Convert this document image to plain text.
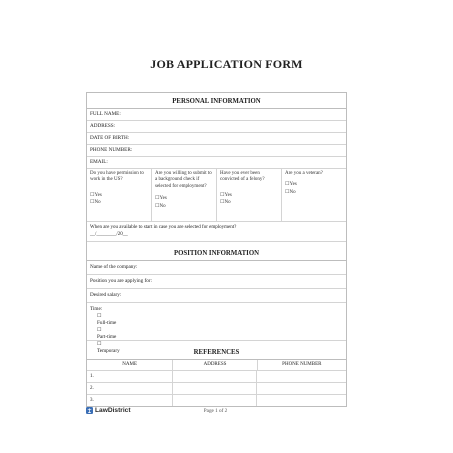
JOB APPLICATION FORM
PERSONAL INFORMATION
FULL NAME:
ADDRESS:
DATE OF BIRTH:
PHONE NUMBER:
EMAIL:
Do you have permission to work in the US?
☐Yes
☐No
Are you willing to submit to a background check if selected for employment?
☐Yes
☐No
Have you ever been convicted of a felony?
☐Yes
☐No
Are you a veteran?
☐Yes
☐No
When are you available to start in case you are selected for employment?
__/________/20__
POSITION INFORMATION
Name of the company:
Position you are applying for:
Desired salary:
Time:
☐
Full-time
☐
Part-time
☐
Temporary	REFERENCES
NAME	ADDRESS	PHONE NUMBER
1.
2.
3.
LawDistrict	Page 1 of 2
